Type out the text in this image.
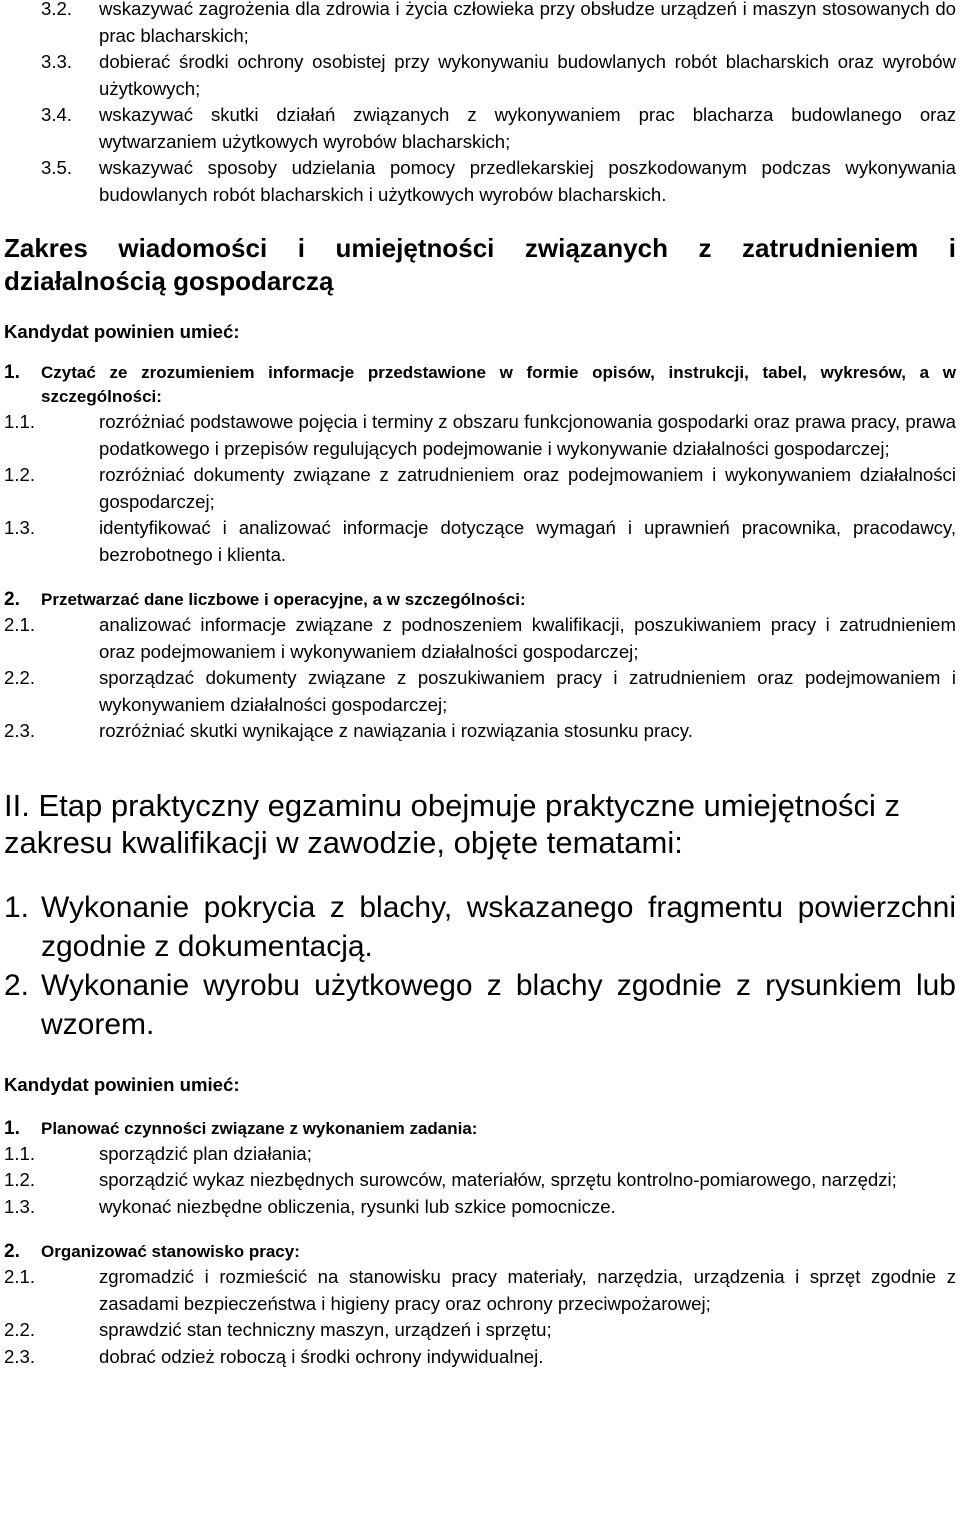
3.2. wskazywać zagrożenia dla zdrowia i życia człowieka przy obsłudze urządzeń i maszyn stosowanych do prac blacharskich;
3.3. dobierać środki ochrony osobistej przy wykonywaniu budowlanych robót blacharskich oraz wyrobów użytkowych;
3.4. wskazywać skutki działań związanych z wykonywaniem prac blacharza budowlanego oraz wytwarzaniem użytkowych wyrobów blacharskich;
3.5. wskazywać sposoby udzielania pomocy przedlekarskiej poszkodowanym podczas wykonywania budowlanych robót blacharskich i użytkowych wyrobów blacharskich.
Zakres wiadomości i umiejętności związanych z zatrudnieniem i działalnością gospodarczą

Kandydat powinien umieć:

1. Czytać ze zrozumieniem informacje przedstawione w formie opisów, instrukcji, tabel, wykresów, a w szczególności:
1.1.	rozróżniać podstawowe pojęcia i terminy z obszaru funkcjonowania gospodarki oraz prawa pracy, prawa podatkowego i przepisów regulujących podejmowanie i wykonywanie działalności gospodarczej;
1.2.	rozróżniać dokumenty związane z zatrudnieniem oraz podejmowaniem i wykonywaniem działalności gospodarczej;
1.3.	identyfikować i analizować informacje dotyczące wymagań i uprawnień pracownika, pracodawcy, bezrobotnego i klienta.
2. Przetwarzać dane liczbowe i operacyjne, a w szczególności:
2.1.	analizować informacje związane z podnoszeniem kwalifikacji, poszukiwaniem pracy i zatrudnieniem oraz podejmowaniem i wykonywaniem działalności gospodarczej;
2.2.	sporządzać dokumenty związane z poszukiwaniem pracy i zatrudnieniem oraz podejmowaniem i wykonywaniem działalności gospodarczej;
2.3.	rozróżniać skutki wynikające z nawiązania i rozwiązania stosunku pracy.
II. Etap praktyczny egzaminu obejmuje praktyczne umiejętności z zakresu kwalifikacji w zawodzie, objęte tematami:
1. Wykonanie pokrycia z blachy, wskazanego fragmentu powierzchni zgodnie z dokumentacją.
2. Wykonanie wyrobu użytkowego z blachy zgodnie z rysunkiem lub wzorem.

Kandydat powinien umieć:

1. Planować czynności związane z wykonaniem zadania:
1.1.	sporządzić plan działania;
1.2.	sporządzić wykaz niezbędnych surowców, materiałów, sprzętu kontrolno-pomiarowego, narzędzi;
1.3.	wykonać niezbędne obliczenia, rysunki lub szkice pomocnicze.
2. Organizować stanowisko pracy:
2.1.	zgromadzić i rozmieścić na stanowisku pracy materiały, narzędzia, urządzenia i sprzęt zgodnie z zasadami bezpieczeństwa i higieny pracy oraz ochrony przeciwpożarowej;
2.2.	sprawdzić stan techniczny maszyn, urządzeń i sprzętu;
2.3.	dobrać odzież roboczą i środki ochrony indywidualnej.
